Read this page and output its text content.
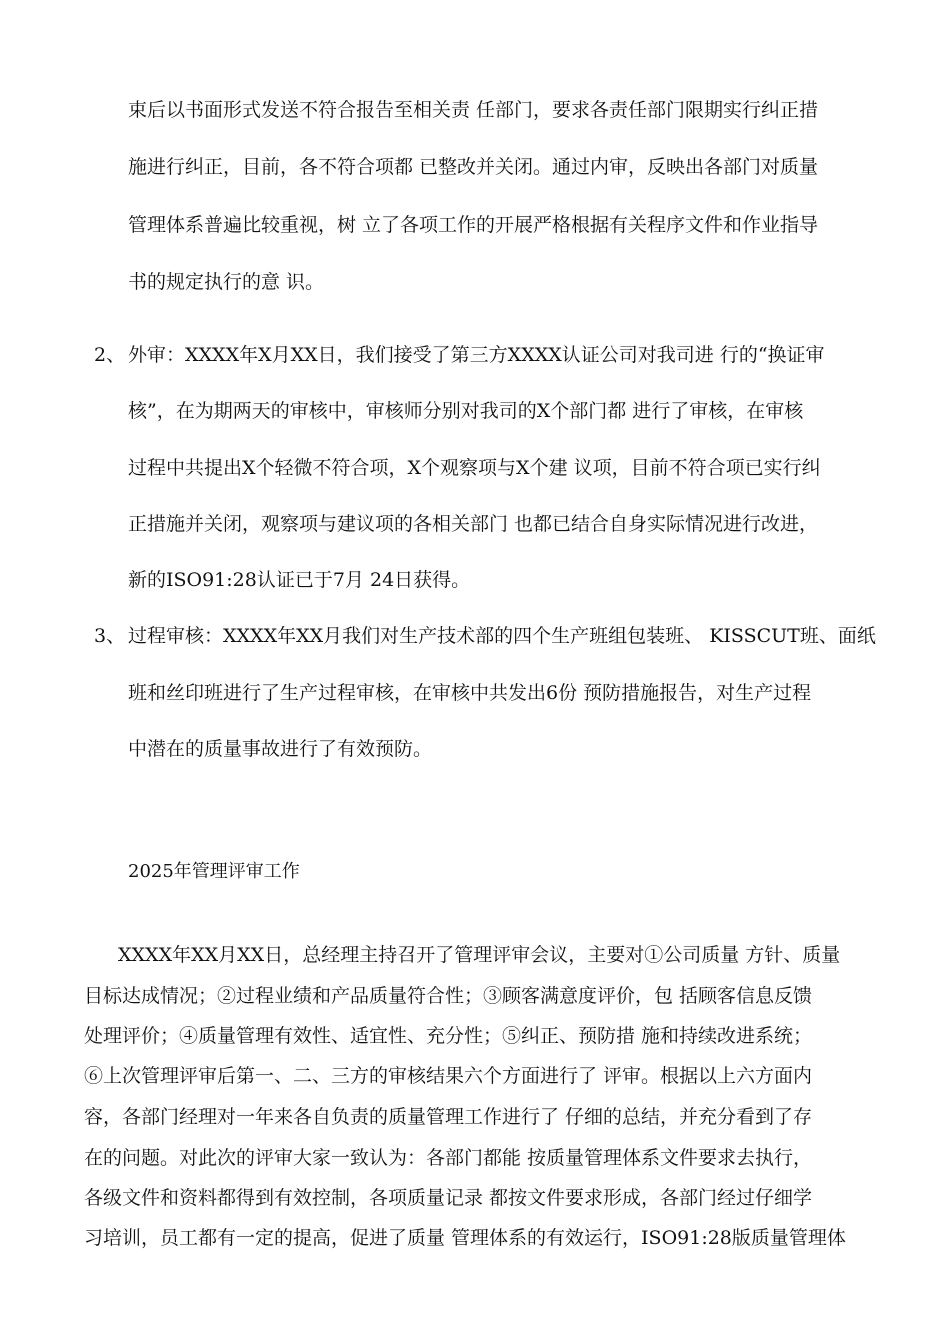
束后以书面形式发送不符合报告至相关责 任部门，要求各责任部门限期实行纠正措

施进行纠正，目前，各不符合项都 已整改并关闭。通过内审，反映出各部门对质量

管理体系普遍比较重视，树 立了各项工作的开展严格根据有关程序文件和作业指导

书的规定执行的意 识。

2、 外审：XXXX年X月XX日，我们接受了第三方XXXX认证公司对我司进 行的“换证审

核”，在为期两天的审核中，审核师分别对我司的X个部门都 进行了审核，在审核

过程中共提出X个轻微不符合项，X个观察项与X个建 议项，目前不符合项已实行纠

正措施并关闭，观察项与建议项的各相关部门 也都已结合自身实际情况进行改进，

新的ISO91:28认证已于7月 24日获得。

3、 过程审核：XXXX年XX月我们对生产技术部的四个生产班组包装班、 KISSCUT班、面纸

班和丝印班进行了生产过程审核，在审核中共发出6份 预防措施报告，对生产过程

中潜在的质量事故进行了有效预防。

2025年管理评审工作

XXXX年XX月XX日，总经理主持召开了管理评审会议，主要对①公司质量 方针、质量

目标达成情况；②过程业绩和产品质量符合性；③顾客满意度评价，包 括顾客信息反馈

处理评价；④质量管理有效性、适宜性、充分性；⑤纠正、预防措 施和持续改进系统；

⑥上次管理评审后第一、二、三方的审核结果六个方面进行了 评审。根据以上六方面内

容，各部门经理对一年来各自负责的质量管理工作进行了 仔细的总结，并充分看到了存

在的问题。对此次的评审大家一致认为：各部门都能 按质量管理体系文件要求去执行，

各级文件和资料都得到有效控制，各项质量记录 都按文件要求形成，各部门经过仔细学

习培训，员工都有一定的提高，促进了质量 管理体系的有效运行，ISO91:28版质量管理体
